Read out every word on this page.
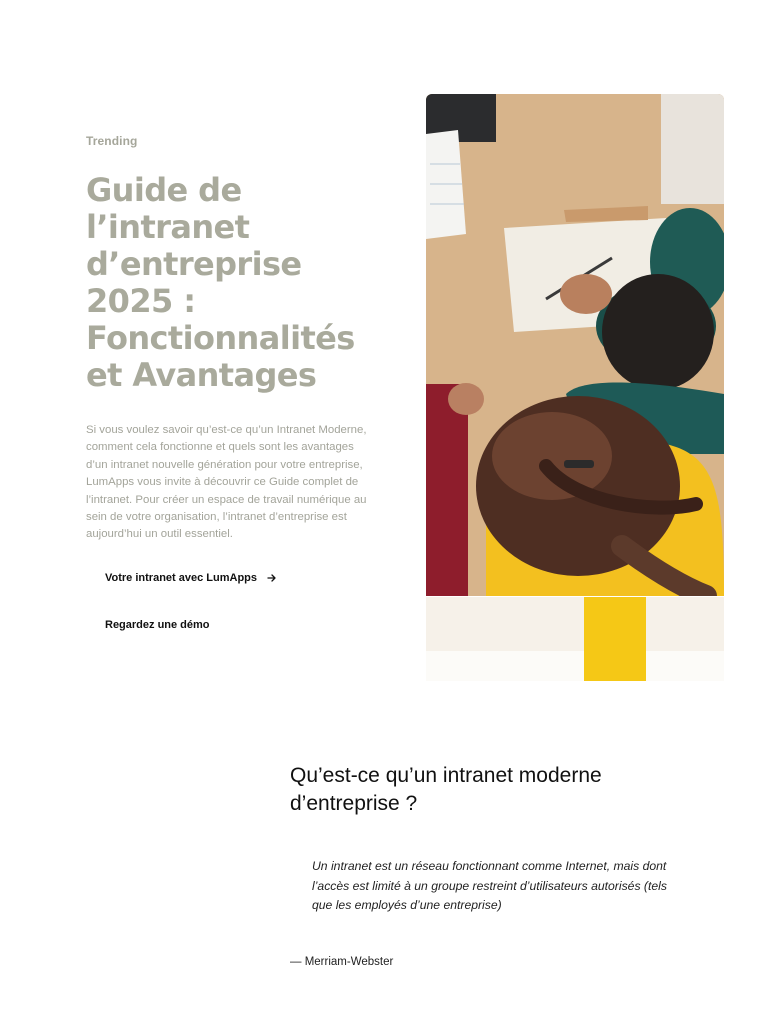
Trending
Guide de
l’intranet
d’entreprise
2025 :
Fonctionnalités
et Avantages

Si vous voulez savoir qu’est-ce qu’un Intranet Moderne, comment cela fonctionne et quels sont les avantages d’un intranet nouvelle génération pour votre entreprise, LumApps vous invite à découvrir ce Guide complet de l’intranet. Pour créer un espace de travail numérique au sein de votre organisation, l’intranet d’entreprise est aujourd’hui un outil essentiel.

Votre intranet avec LumApps
Regardez une démo
Qu’est-ce qu’un intranet moderne d’entreprise ?
Un intranet est un réseau fonctionnant comme Internet, mais dont l’accès est limité à un groupe restreint d’utilisateurs autorisés (tels que les employés d’une entreprise)
— Merriam-Webster
